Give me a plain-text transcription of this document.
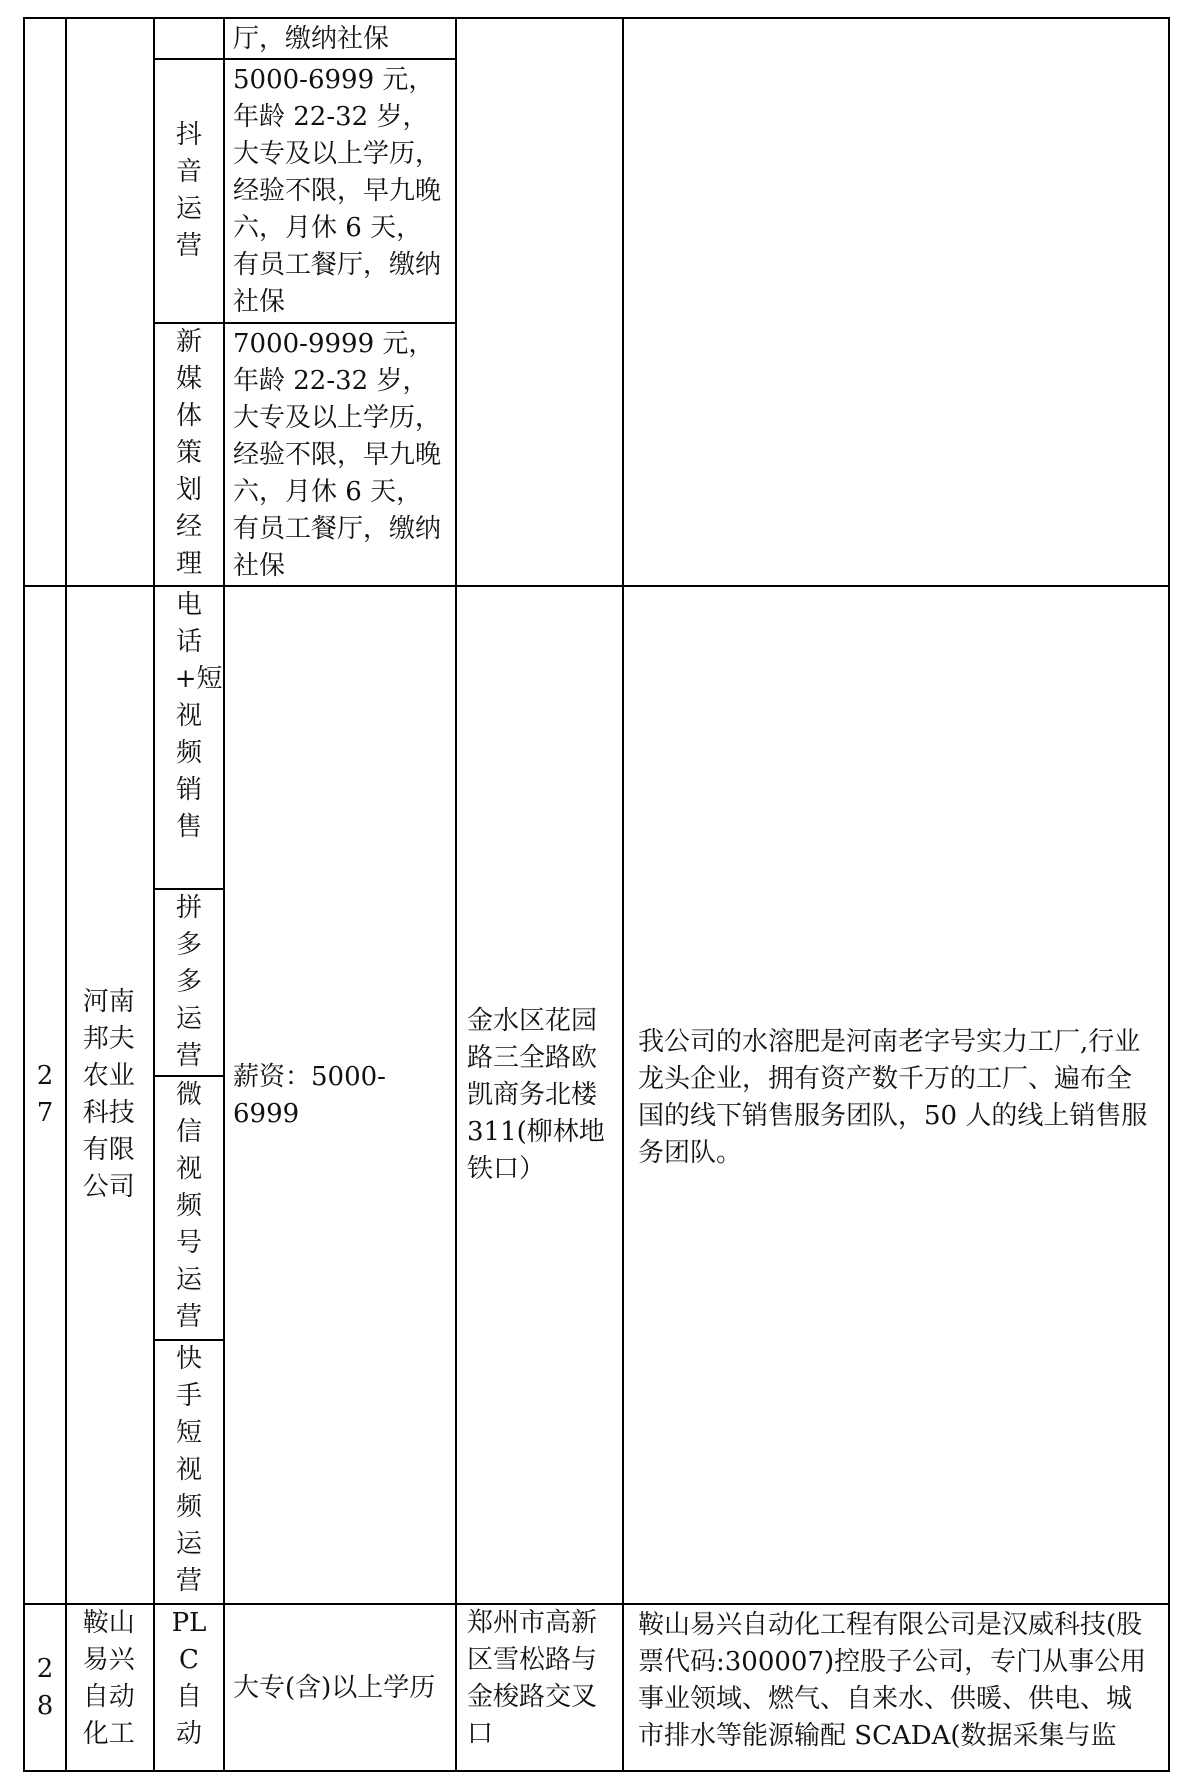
			厅，缴纳社保		

		抖音运营	5000-6999 元，年龄 22-32 岁，大专及以上学历，经验不限，早九晚六，月休 6 天，有员工餐厅，缴纳社保		

		新媒体策划经理	7000-9999 元，年龄 22-32 岁，大专及以上学历，经验不限，早九晚六，月休 6 天，有员工餐厅，缴纳社保		

27	河南邦夫农业科技有限公司	电话+短视频销售	薪资：5000-6999	金水区花园路三全路欧凯商务北楼311(柳林地铁口）	我公司的水溶肥是河南老字号实力工厂,行业龙头企业，拥有资产数千万的工厂、遍布全国的线下销售服务团队，50 人的线上销售服务团队。

		拼多多运营			

		微信视频号运营			

		快手短视频运营			

28	鞍山易兴自动化工	PLC自动	大专(含)以上学历	郑州市高新区雪松路与金梭路交叉口	鞍山易兴自动化工程有限公司是汉威科技(股票代码:300007)控股子公司，专门从事公用事业领域、燃气、自来水、供暖、供电、城市排水等能源输配 SCADA(数据采集与监
